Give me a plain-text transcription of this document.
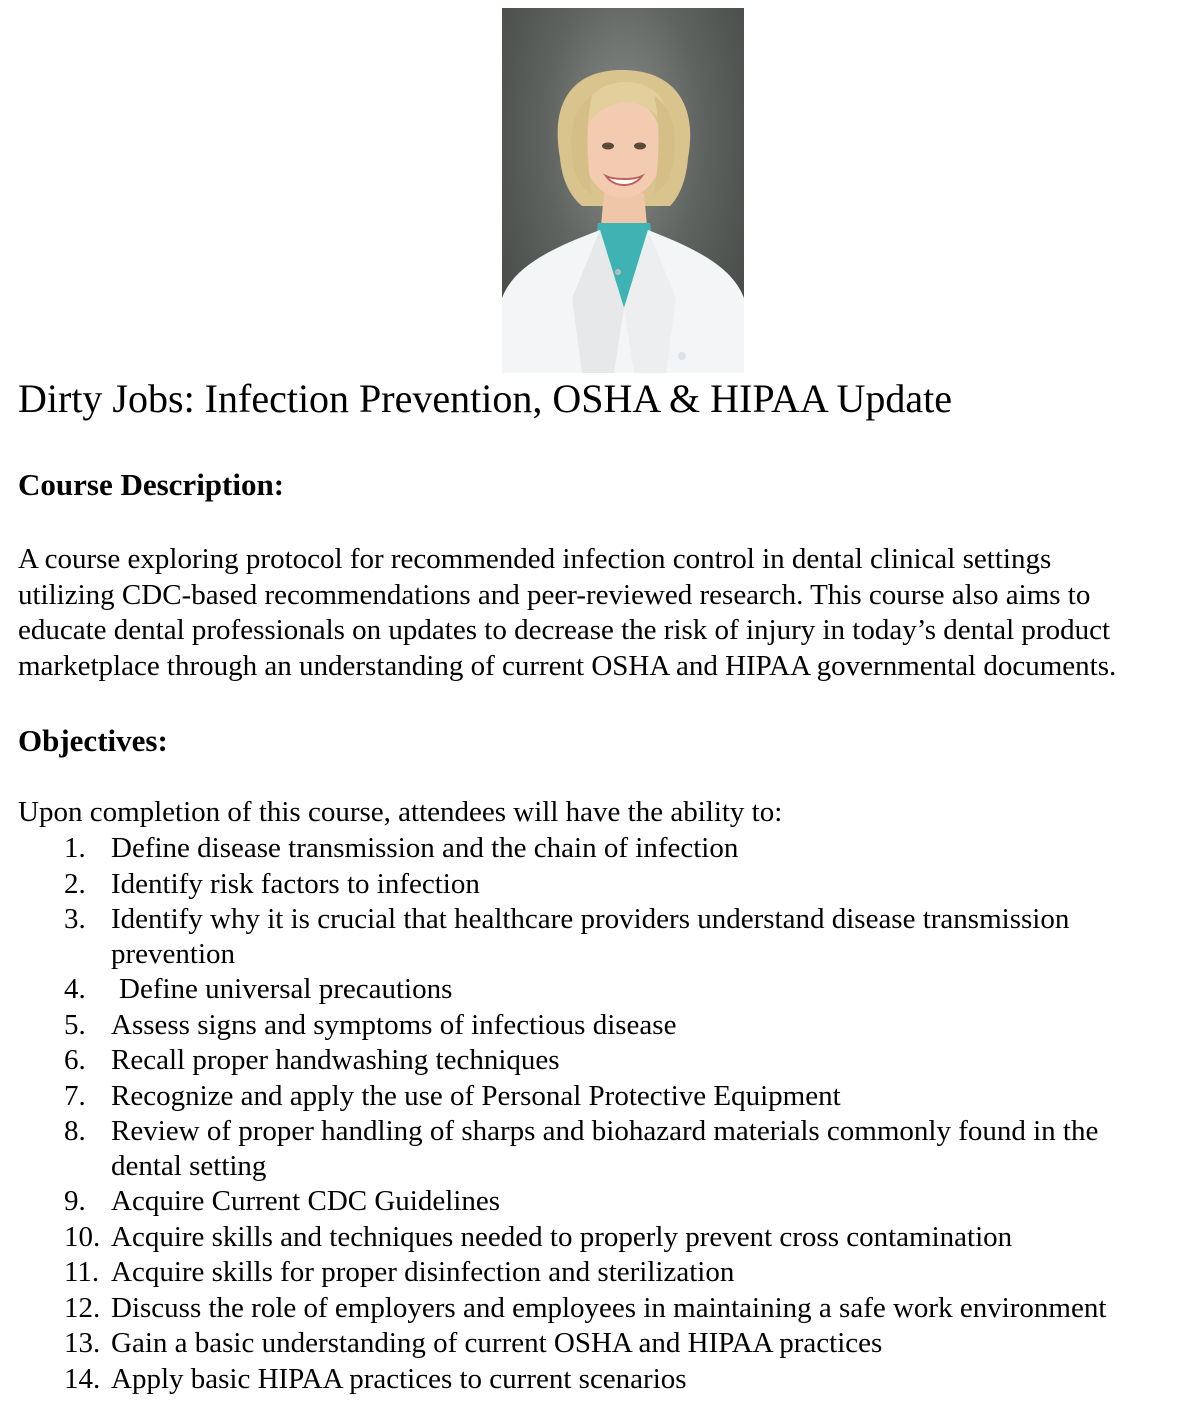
Dirty Jobs: Infection Prevention, OSHA & HIPAA Update
Course Description:
A course exploring protocol for recommended infection control in dental clinical settings
utilizing CDC-based recommendations and peer-reviewed research. This course also aims to
educate dental professionals on updates to decrease the risk of injury in today’s dental product
marketplace through an understanding of current OSHA and HIPAA governmental documents.
Objectives:
Upon completion of this course, attendees will have the ability to:
1. Define disease transmission and the chain of infection
2. Identify risk factors to infection
3. Identify why it is crucial that healthcare providers understand disease transmission
prevention
4. Define universal precautions
5. Assess signs and symptoms of infectious disease
6. Recall proper handwashing techniques
7. Recognize and apply the use of Personal Protective Equipment
8. Review of proper handling of sharps and biohazard materials commonly found in the
dental setting
9. Acquire Current CDC Guidelines
10. Acquire skills and techniques needed to properly prevent cross contamination
11. Acquire skills for proper disinfection and sterilization
12. Discuss the role of employers and employees in maintaining a safe work environment
13. Gain a basic understanding of current OSHA and HIPAA practices
14. Apply basic HIPAA practices to current scenarios
